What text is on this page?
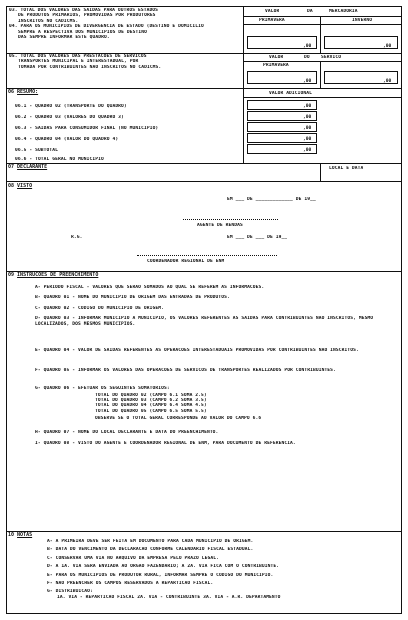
03. TOTAL DOS VALORES DAS SAIDAS PARA OUTROS ESTADOS
DE PRODUTOS PRIMARIOS, PROMOVIDAS POR PRODUTORES
INSCRITOS NO CADICMS.
04. PARA OS MUNICIPIOS DE DIVERGENCIA DE ESTADO (DESTINO E DOMICILIO
SEMPRE A RESPECTIVA DOS MUNICIPIOS DE DESTINO
DAS SEMPRE INFORMAR ESTE QUADRO.
VALOR	DA	MERCADORIA
PRIMAVERA	INVERNO
,00	,00
05. TOTAL DOS VALORES DAS PRESTACOES DE SERVICOS
TRANSPORTES MUNICIPAL E INTERESTADUAL, POR
TOMADA POR CONTRIBUINTES NAO INSCRITOS NO CADICMS.
VALOR	DO SERVICO
PRIMAVERA
,00	,00
06 RESUMO:	VALOR ADICIONAL
06.1 - QUADRO 02 (TRANSPORTE DO QUADRO)	,00
06.2 - QUADRO 03 (VALORES DO QUADRO 3)	,00
06.3 - SAIDAS PARA CONSUMIDOR FINAL (NO MUNICIPIO)	,00
06.4 - QUADRO 04 (VALOR DO QUADRO 4)	,00
06.5 - SUBTOTAL	,00
06.6 - TOTAL GERAL NO MUNICIPIO
07 DECLARANTE	LOCAL E DATA
08 VISTO
EM ___ DE _____________ DE 19__
AGENTE DE RENDAS
R.G.	EM ___ DE ___ DE 19__
COORDENADOR REGIONAL DE ENM
09 INSTRUCOES DE PREENCHIMENTO
A- PERIODO FISCAL - VALORES QUE SERAO SOMADOS AO QUAL SE REFEREM AS INFORMACOES.
B- QUADRO 01 - NOME DO MUNICIPIO DE ORIGEM DAS ENTRADAS DE PRODUTOS.
C- QUADRO 02 - CODIGO DO MUNICIPIO DE ORIGEM.
D- QUADRO 03 - INFORMAR MUNICIPIO A MUNICIPIO, OS VALORES REFERENTES AS SAIDAS PARA CONTRIBUINTES NAO INSCRITOS, MESMO LOCALIZADOS, DOS MESMOS MUNICIPIOS.
E- QUADRO 04 - VALOR DE SAIDAS REFERENTES AS OPERACOES INTERESTADUAIS PROMOVIDAS POR CONTRIBUINTES NAO INSCRITOS.
F- QUADRO 05 - INFORMAR OS VALORES DAS OPERACOES DE SERVICOS DE TRANSPORTES REALIZADOS POR CONTRIBUINTES.
G- QUADRO 06 - EFETUAR OS SEGUINTES SOMATORIOS:
TOTAL DO QUADRO 02 (CAMPO 6.1 SOMA 2.5)
TOTAL DO QUADRO 03 (CAMPO 6.2 SOMA 3.5)
TOTAL DO QUADRO 04 (CAMPO 6.4 SOMA 4.5)
TOTAL DO QUADRO 05 (CAMPO 6.5 SOMA 5.5)
OBSERVE SE O TOTAL GERAL CORRESPONDE AO VALOR DO CAMPO 6.6
H- QUADRO 07 - NOME DO LOCAL DECLARANTE E DATA DO PREENCHIMENTO.
I- QUADRO 08 - VISTO DO AGENTE E COORDENADOR REGIONAL DE ENM, PARA DOCUMENTO DE REFERENCIA.
10 NOTAS
A- A PRIMEIRA DEVE SER FEITA EM DOCUMENTO PARA CADA MUNICIPIO DE ORIGEM.
B- DATA DO VENCIMENTO DA DECLARACAO CONFORME CALENDARIO FISCAL ESTADUAL.
C- CONSERVAR UMA VIA NO ARQUIVO DA EMPRESA PELO PRAZO LEGAL.
D- A 1A. VIA SERA ENVIADA AO ORGAO FAZENDARIO; A 2A. VIA FICA COM O CONTRIBUINTE.
E- PARA OS MUNICIPIOS DE PRODUTOR RURAL, INFORMAR SEMPRE O CODIGO DO MUNICIPIO.
F- NAO PREENCHER OS CAMPOS RESERVADOS A REPARTICAO FISCAL.
G- DISTRIBUICAO:
1A. VIA - REPARTICAO FISCAL 2A. VIA - CONTRIBUINTE 3A. VIA - A.R. DEPARTAMENTO
